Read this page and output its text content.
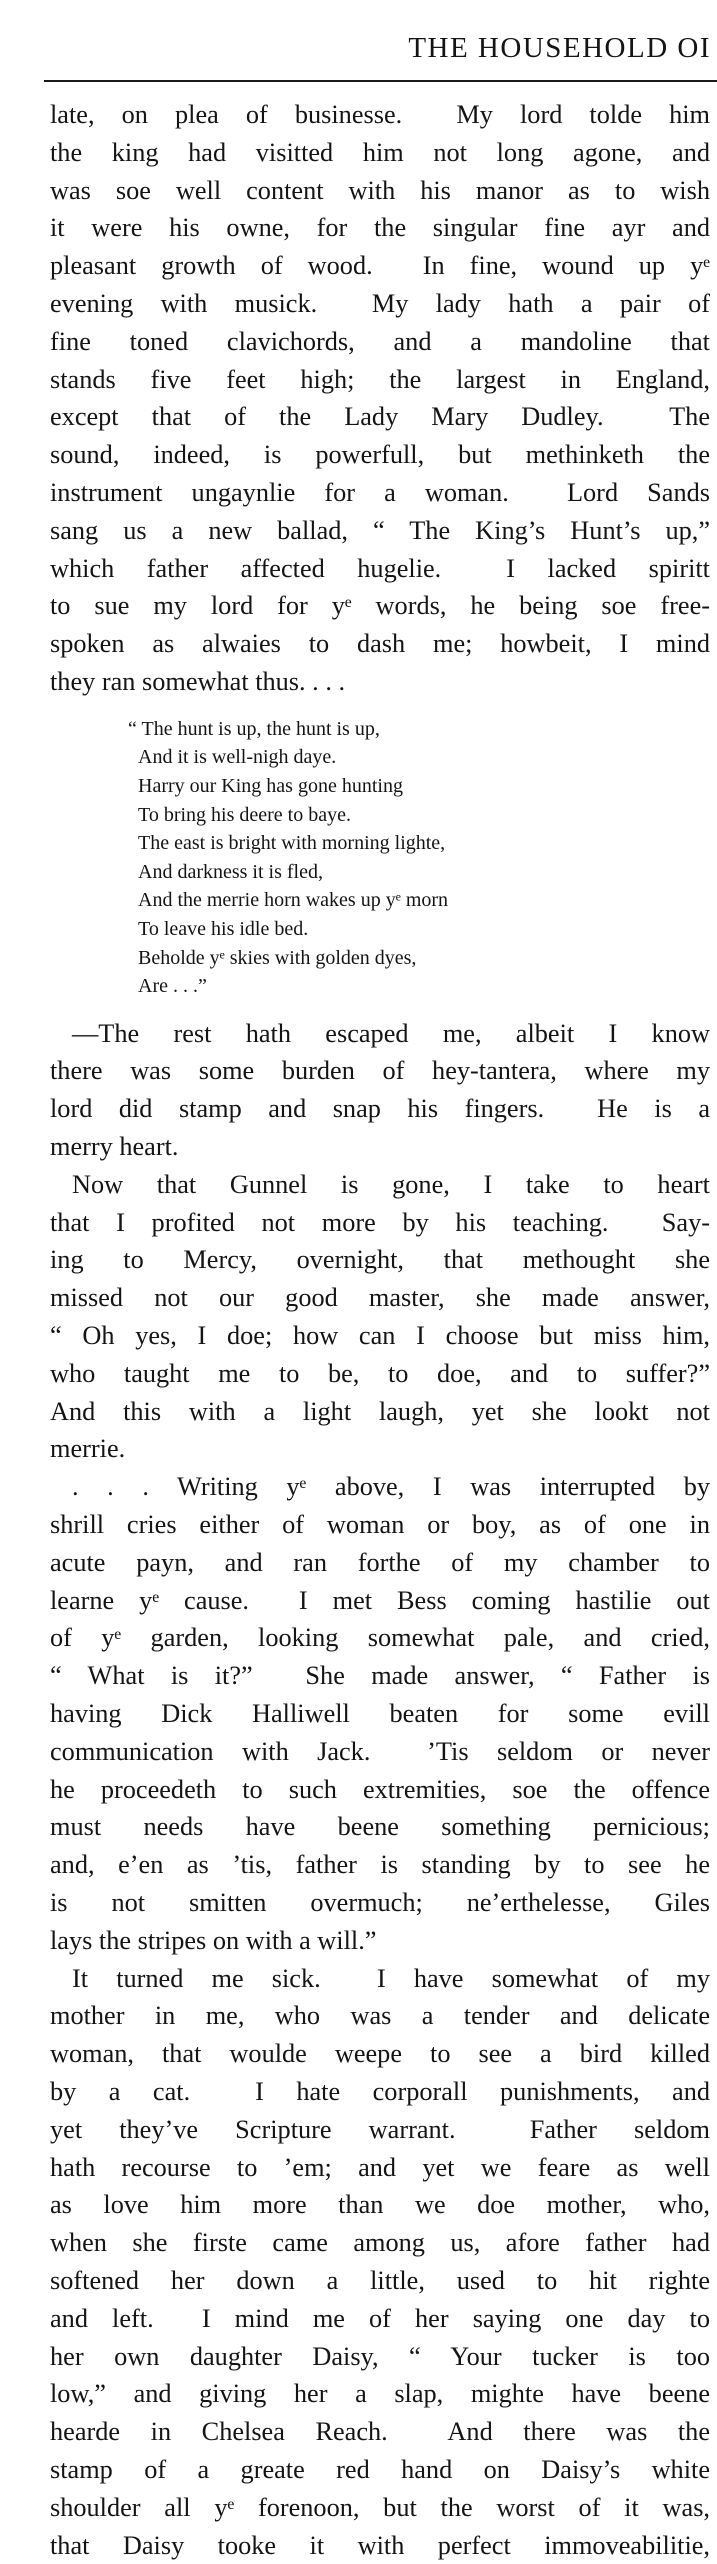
THE HOUSEHOLD OI
late, on plea of businesse.  My lord tolde him
the king had visitted him not long agone, and
was soe well content with his manor as to wish
it were his owne, for the singular fine ayr and
pleasant growth of wood.  In fine, wound up yᵉ
evening with musick.  My lady hath a pair of
fine toned clavichords, and a mandoline that
stands five feet high; the largest in England,
except that of the Lady Mary Dudley.  The
sound, indeed, is powerfull, but methinketh the
instrument ungaynlie for a woman.  Lord Sands
sang us a new ballad, “ The King’s Hunt’s up,”
which father affected hugelie.  I lacked spiritt
to sue my lord for yᵉ words, he being soe free-
spoken as alwaies to dash me; howbeit, I mind
they ran somewhat thus. . . .
“ The hunt is up, the hunt is up,
And it is well-nigh daye.
Harry our King has gone hunting
To bring his deere to baye.
The east is bright with morning lighte,
And darkness it is fled,
And the merrie horn wakes up yᵉ morn
To leave his idle bed.
Beholde yᵉ skies with golden dyes,
Are . . .”
—The rest hath escaped me, albeit I know
there was some burden of hey-tantera, where my
lord did stamp and snap his fingers.  He is a
merry heart.
Now that Gunnel is gone, I take to heart
that I profited not more by his teaching.  Say-
ing to Mercy, overnight, that methought she
missed not our good master, she made answer,
“ Oh yes, I doe; how can I choose but miss him,
who taught me to be, to doe, and to suffer?”
And this with a light laugh, yet she lookt not
merrie.
. . . Writing yᵉ above, I was interrupted by
shrill cries either of woman or boy, as of one in
acute payn, and ran forthe of my chamber to
learne yᵉ cause.  I met Bess coming hastilie out
of yᵉ garden, looking somewhat pale, and cried,
“ What is it?”  She made answer, “ Father is
having Dick Halliwell beaten for some evill
communication with Jack.  ’Tis seldom or never
he proceedeth to such extremities, soe the offence
must needs have beene something pernicious;
and, e’en as ’tis, father is standing by to see he
is not smitten overmuch; ne’erthelesse, Giles
lays the stripes on with a will.”
It turned me sick.  I have somewhat of my
mother in me, who was a tender and delicate
woman, that woulde weepe to see a bird killed
by a cat.  I hate corporall punishments, and
yet they’ve Scripture warrant.  Father seldom
hath recourse to ’em; and yet we feare as well
as love him more than we doe mother, who,
when she firste came among us, afore father had
softened her down a little, used to hit righte
and left.  I mind me of her saying one day to
her own daughter Daisy, “ Your tucker is too
low,” and giving her a slap, mighte have beene
hearde in Chelsea Reach.  And there was the
stamp of a greate red hand on Daisy’s white
shoulder all yᵉ forenoon, but the worst of it was,
that Daisy tooke it with perfect immoveabilitie,
